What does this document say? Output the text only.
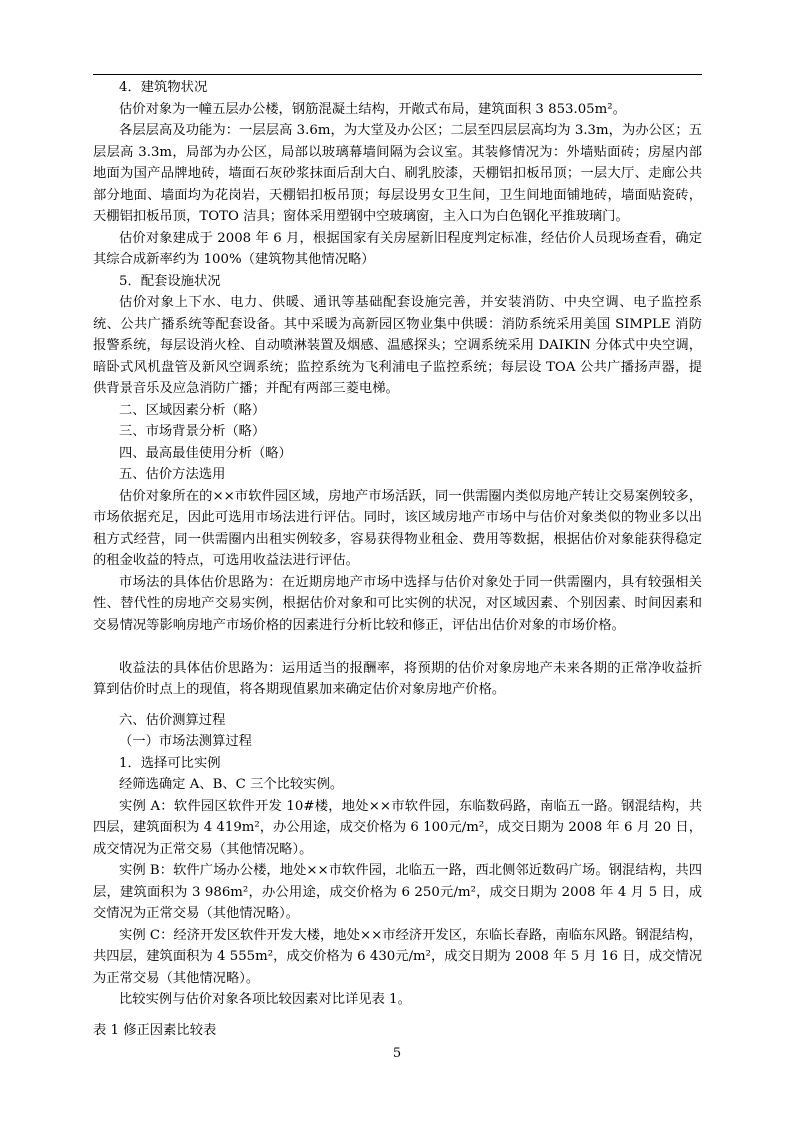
4．建筑物状况

估价对象为一幢五层办公楼，钢筋混凝土结构，开敞式布局，建筑面积 3 853.05m²。

各层层高及功能为：一层层高 3.6m，为大堂及办公区；二层至四层层高均为 3.3m，为办公区；五层层高 3.3m，局部为办公区，局部以玻璃幕墙间隔为会议室。其装修情况为：外墙贴面砖；房屋内部地面为国产品牌地砖，墙面石灰砂浆抹面后刮大白、刷乳胶漆，天棚铝扣板吊顶；一层大厅、走廊公共部分地面、墙面均为花岗岩，天棚铝扣板吊顶；每层设男女卫生间，卫生间地面铺地砖，墙面贴瓷砖，天棚铝扣板吊顶，TOTO 洁具；窗体采用塑钢中空玻璃窗，主入口为白色钢化平推玻璃门。

估价对象建成于 2008 年 6 月，根据国家有关房屋新旧程度判定标准，经估价人员现场查看，确定其综合成新率约为 100%（建筑物其他情况略）

5．配套设施状况

估价对象上下水、电力、供暖、通讯等基础配套设施完善，并安装消防、中央空调、电子监控系统、公共广播系统等配套设备。其中采暖为高新园区物业集中供暖：消防系统采用美国 SIMPLE 消防报警系统，每层设消火栓、自动喷淋装置及烟感、温感探头；空调系统采用 DAIKIN 分体式中央空调，暗卧式风机盘管及新风空调系统；监控系统为飞利浦电子监控系统；每层设 TOA 公共广播扬声器，提供背景音乐及应急消防广播；并配有两部三菱电梯。

二、区域因素分析（略）

三、市场背景分析（略）

四、最高最佳使用分析（略）

五、估价方法选用

估价对象所在的××市软件园区域，房地产市场活跃，同一供需圈内类似房地产转让交易案例较多，市场依据充足，因此可选用市场法进行评估。同时，该区域房地产市场中与估价对象类似的物业多以出租方式经营，同一供需圈内出租实例较多，容易获得物业租金、费用等数据，根据估价对象能获得稳定的租金收益的特点，可选用收益法进行评估。

市场法的具体估价思路为：在近期房地产市场中选择与估价对象处于同一供需圈内，具有较强相关性、替代性的房地产交易实例，根据估价对象和可比实例的状况，对区域因素、个别因素、时间因素和交易情况等影响房地产市场价格的因素进行分析比较和修正，评估出估价对象的市场价格。

收益法的具体估价思路为：运用适当的报酬率，将预期的估价对象房地产未来各期的正常净收益折算到估价时点上的现值，将各期现值累加来确定估价对象房地产价格。

六、估价测算过程

（一）市场法测算过程

1．选择可比实例

经筛选确定 A、B、C 三个比较实例。

实例 A：软件园区软件开发 10#楼，地处××市软件园，东临数码路，南临五一路。钢混结构，共四层，建筑面积为 4 419m²，办公用途，成交价格为 6 100元/m²，成交日期为 2008 年 6 月 20 日，成交情况为正常交易（其他情况略）。

实例 B：软件广场办公楼，地处××市软件园，北临五一路，西北侧邻近数码广场。钢混结构，共四层，建筑面积为 3 986m²，办公用途，成交价格为 6 250元/m²，成交日期为 2008 年 4 月 5 日，成交情况为正常交易（其他情况略）。

实例 C：经济开发区软件开发大楼，地处××市经济开发区，东临长春路，南临东风路。钢混结构，共四层，建筑面积为 4 555m²，成交价格为 6 430元/m²，成交日期为 2008 年 5 月 16 日，成交情况为正常交易（其他情况略）。

比较实例与估价对象各项比较因素对比详见表 1。

表 1 修正因素比较表

5
